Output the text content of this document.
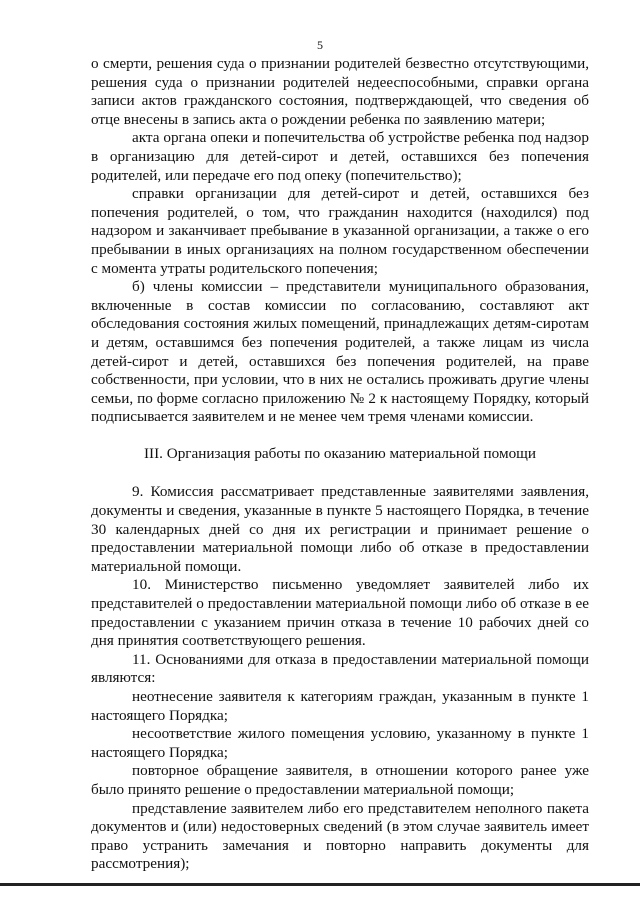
5

о смерти, решения суда о признании родителей безвестно отсутствующими, решения суда о признании родителей недееспособными, справки органа записи актов гражданского состояния, подтверждающей, что сведения об отце внесены в запись акта о рождении ребенка по заявлению матери;

акта органа опеки и попечительства об устройстве ребенка под надзор в организацию для детей-сирот и детей, оставшихся без попечения родителей, или передаче его под опеку (попечительство);

справки организации для детей-сирот и детей, оставшихся без попечения родителей, о том, что гражданин находится (находился) под надзором и заканчивает пребывание в указанной организации, а также о его пребывании в иных организациях на полном государственном обеспечении с момента утраты родительского попечения;

б) члены комиссии – представители муниципального образования, включенные в состав комиссии по согласованию, составляют акт обследования состояния жилых помещений, принадлежащих детям-сиротам и детям, оставшимся без попечения родителей, а также лицам из числа детей-сирот и детей, оставшихся без попечения родителей, на праве собственности, при условии, что в них не остались проживать другие члены семьи, по форме согласно приложению № 2 к настоящему Порядку, который подписывается заявителем и не менее чем тремя членами комиссии.

III. Организация работы по оказанию материальной помощи

9. Комиссия рассматривает представленные заявителями заявления, документы и сведения, указанные в пункте 5 настоящего Порядка, в течение 30 календарных дней со дня их регистрации и принимает решение о предоставлении материальной помощи либо об отказе в предоставлении материальной помощи.

10. Министерство письменно уведомляет заявителей либо их представителей о предоставлении материальной помощи либо об отказе в ее предоставлении с указанием причин отказа в течение 10 рабочих дней со дня принятия соответствующего решения.

11. Основаниями для отказа в предоставлении материальной помощи являются:

неотнесение заявителя к категориям граждан, указанным в пункте 1 настоящего Порядка;

несоответствие жилого помещения условию, указанному в пункте 1 настоящего Порядка;

повторное обращение заявителя, в отношении которого ранее уже было принято решение о предоставлении материальной помощи;

представление заявителем либо его представителем неполного пакета документов и (или) недостоверных сведений (в этом случае заявитель имеет право устранить замечания и повторно направить документы для рассмотрения);
